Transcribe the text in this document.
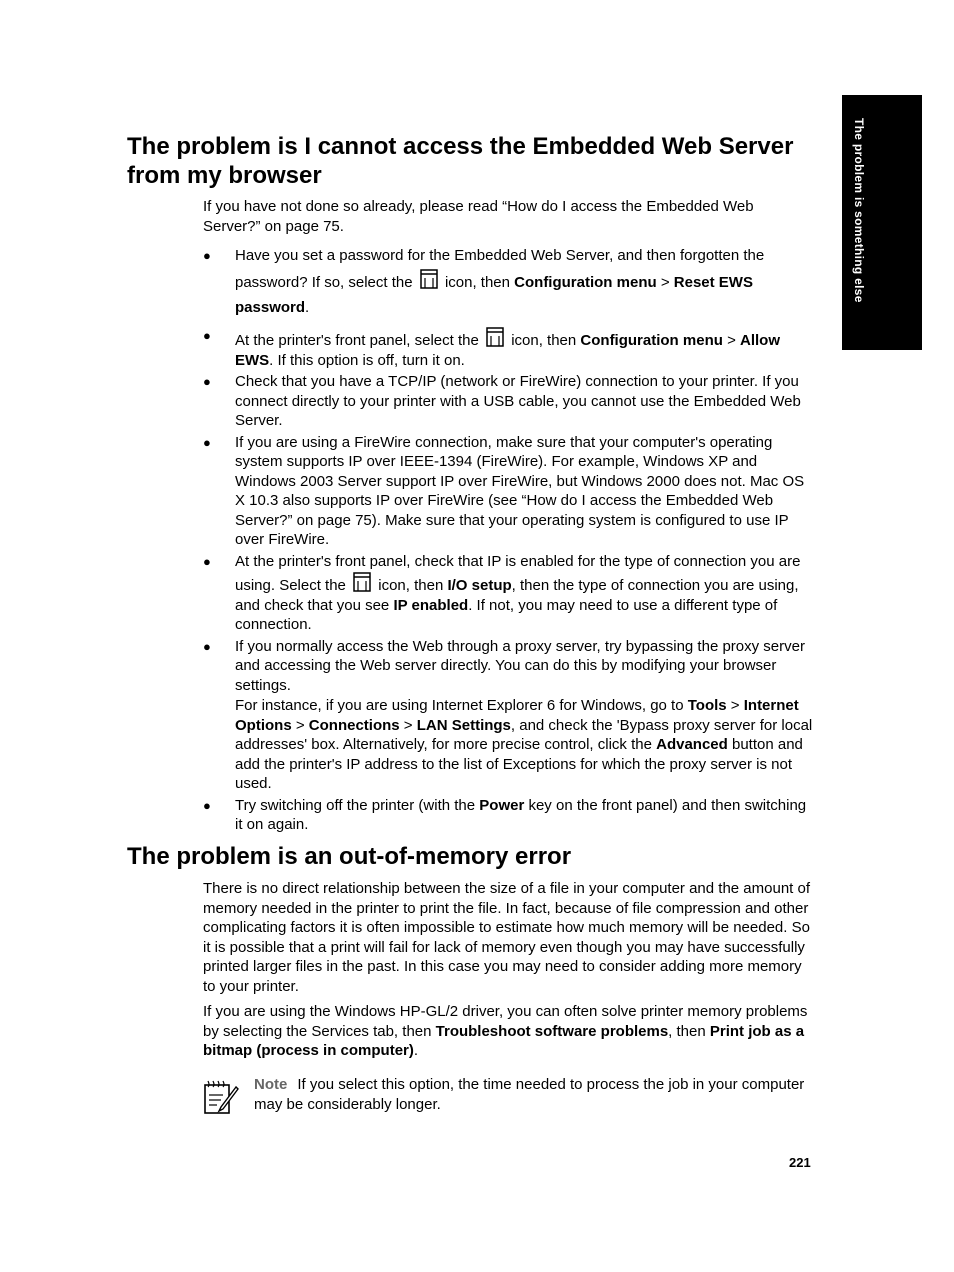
The problem is something else
The problem is I cannot access the Embedded Web Server from my browser

If you have not done so already, please read “How do I access the Embedded Web Server?” on page 75.

●	Have you set a password for the Embedded Web Server, and then forgotten the password? If so, select the icon, then Configuration menu > Reset EWS password.
●	At the printer's front panel, select the icon, then Configuration menu > Allow EWS. If this option is off, turn it on.
●	Check that you have a TCP/IP (network or FireWire) connection to your printer. If you connect directly to your printer with a USB cable, you cannot use the Embedded Web Server.
●	If you are using a FireWire connection, make sure that your computer's operating system supports IP over IEEE-1394 (FireWire). For example, Windows XP and Windows 2003 Server support IP over FireWire, but Windows 2000 does not. Mac OS X 10.3 also supports IP over FireWire (see “How do I access the Embedded Web Server?” on page 75). Make sure that your operating system is configured to use IP over FireWire.
●	At the printer's front panel, check that IP is enabled for the type of connection you are using. Select the icon, then I/O setup, then the type of connection you are using, and check that you see IP enabled. If not, you may need to use a different type of connection.
●	If you normally access the Web through a proxy server, try bypassing the proxy server and accessing the Web server directly. You can do this by modifying your browser settings.
For instance, if you are using Internet Explorer 6 for Windows, go to Tools > Internet Options > Connections > LAN Settings, and check the 'Bypass proxy server for local addresses' box. Alternatively, for more precise control, click the Advanced button and add the printer's IP address to the list of Exceptions for which the proxy server is not used.
●	Try switching off the printer (with the Power key on the front panel) and then switching it on again.
The problem is an out-of-memory error

There is no direct relationship between the size of a file in your computer and the amount of memory needed in the printer to print the file. In fact, because of file compression and other complicating factors it is often impossible to estimate how much memory will be needed. So it is possible that a print will fail for lack of memory even though you may have successfully printed larger files in the past. In this case you may need to consider adding more memory to your printer.

If you are using the Windows HP-GL/2 driver, you can often solve printer memory problems by selecting the Services tab, then Troubleshoot software problems, then Print job as a bitmap (process in computer).

Note If you select this option, the time needed to process the job in your computer may be considerably longer.

221
